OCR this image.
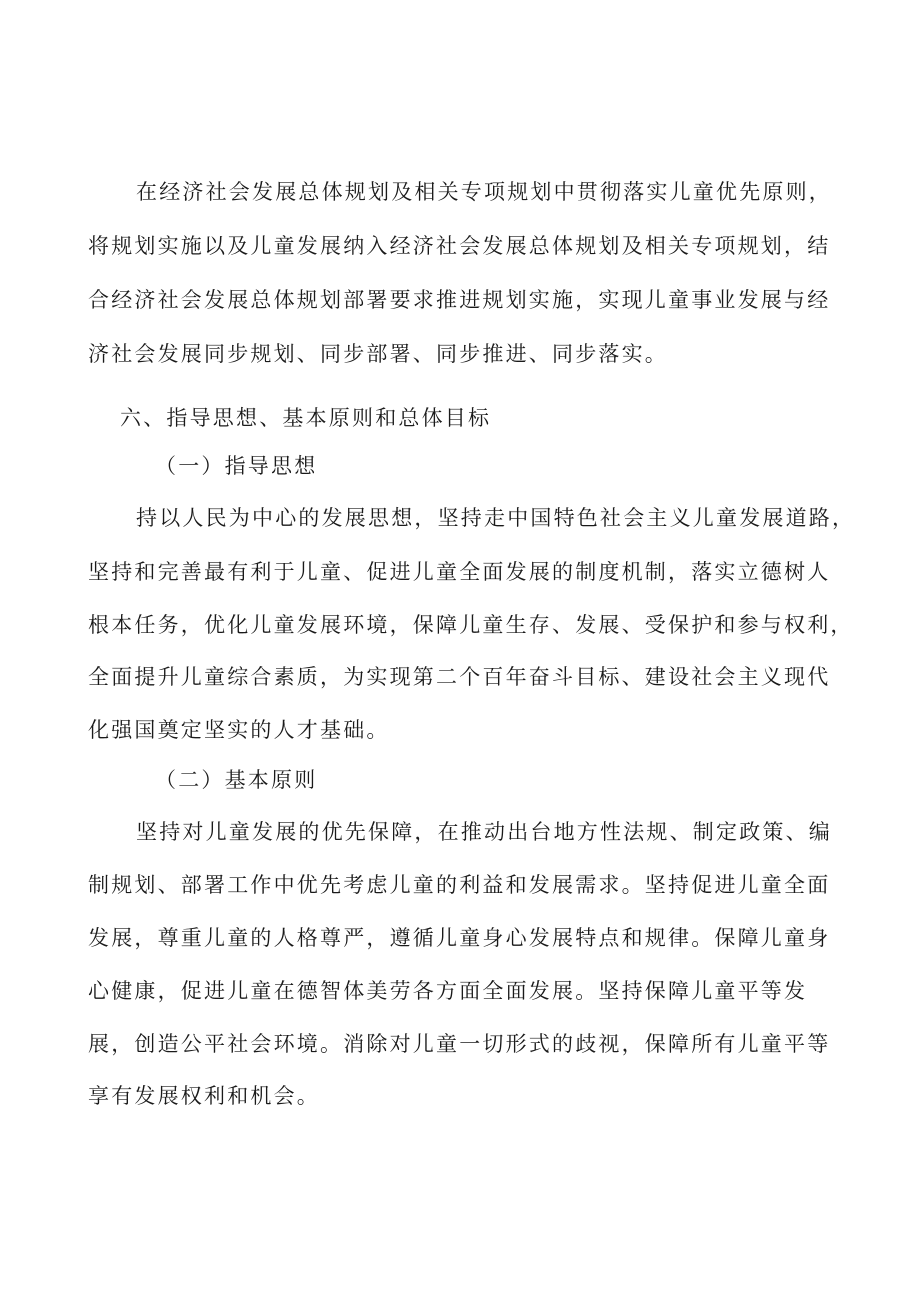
在经济社会发展总体规划及相关专项规划中贯彻落实儿童优先原则，
将规划实施以及儿童发展纳入经济社会发展总体规划及相关专项规划，结
合经济社会发展总体规划部署要求推进规划实施，实现儿童事业发展与经
济社会发展同步规划、同步部署、同步推进、同步落实。
六、指导思想、基本原则和总体目标
（一）指导思想
持以人民为中心的发展思想，坚持走中国特色社会主义儿童发展道路，
坚持和完善最有利于儿童、促进儿童全面发展的制度机制，落实立德树人
根本任务，优化儿童发展环境，保障儿童生存、发展、受保护和参与权利，
全面提升儿童综合素质，为实现第二个百年奋斗目标、建设社会主义现代
化强国奠定坚实的人才基础。
（二）基本原则
坚持对儿童发展的优先保障，在推动出台地方性法规、制定政策、编
制规划、部署工作中优先考虑儿童的利益和发展需求。坚持促进儿童全面
发展，尊重儿童的人格尊严，遵循儿童身心发展特点和规律。保障儿童身
心健康，促进儿童在德智体美劳各方面全面发展。坚持保障儿童平等发
展，创造公平社会环境。消除对儿童一切形式的歧视，保障所有儿童平等
享有发展权利和机会。
